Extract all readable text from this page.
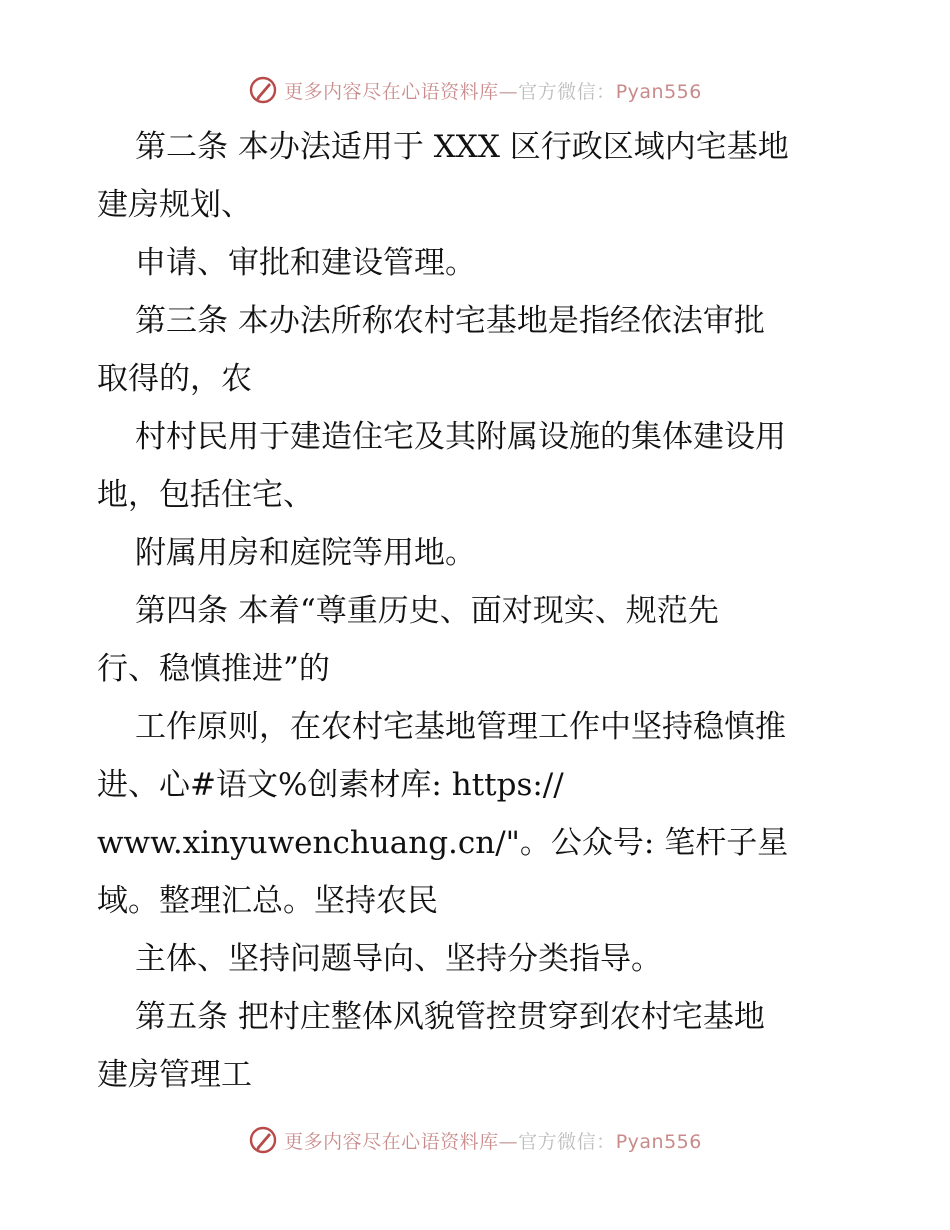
更多内容尽在心语资料库—官方微信：Pyan556
第二条 本办法适用于 XXX 区行政区域内宅基地
建房规划、
申请、审批和建设管理。
第三条 本办法所称农村宅基地是指经依法审批
取得的，农
村村民用于建造住宅及其附属设施的集体建设用
地，包括住宅、
附属用房和庭院等用地。
第四条 本着“尊重历史、面对现实、规范先
行、稳慎推进”的
工作原则，在农村宅基地管理工作中坚持稳慎推
进、心#语文%创素材库: https://
www.xinyuwenchuang.cn/"。公众号: 笔杆子星
域。整理汇总。坚持农民
主体、坚持问题导向、坚持分类指导。
第五条 把村庄整体风貌管控贯穿到农村宅基地
建房管理工
更多内容尽在心语资料库—官方微信：Pyan556
